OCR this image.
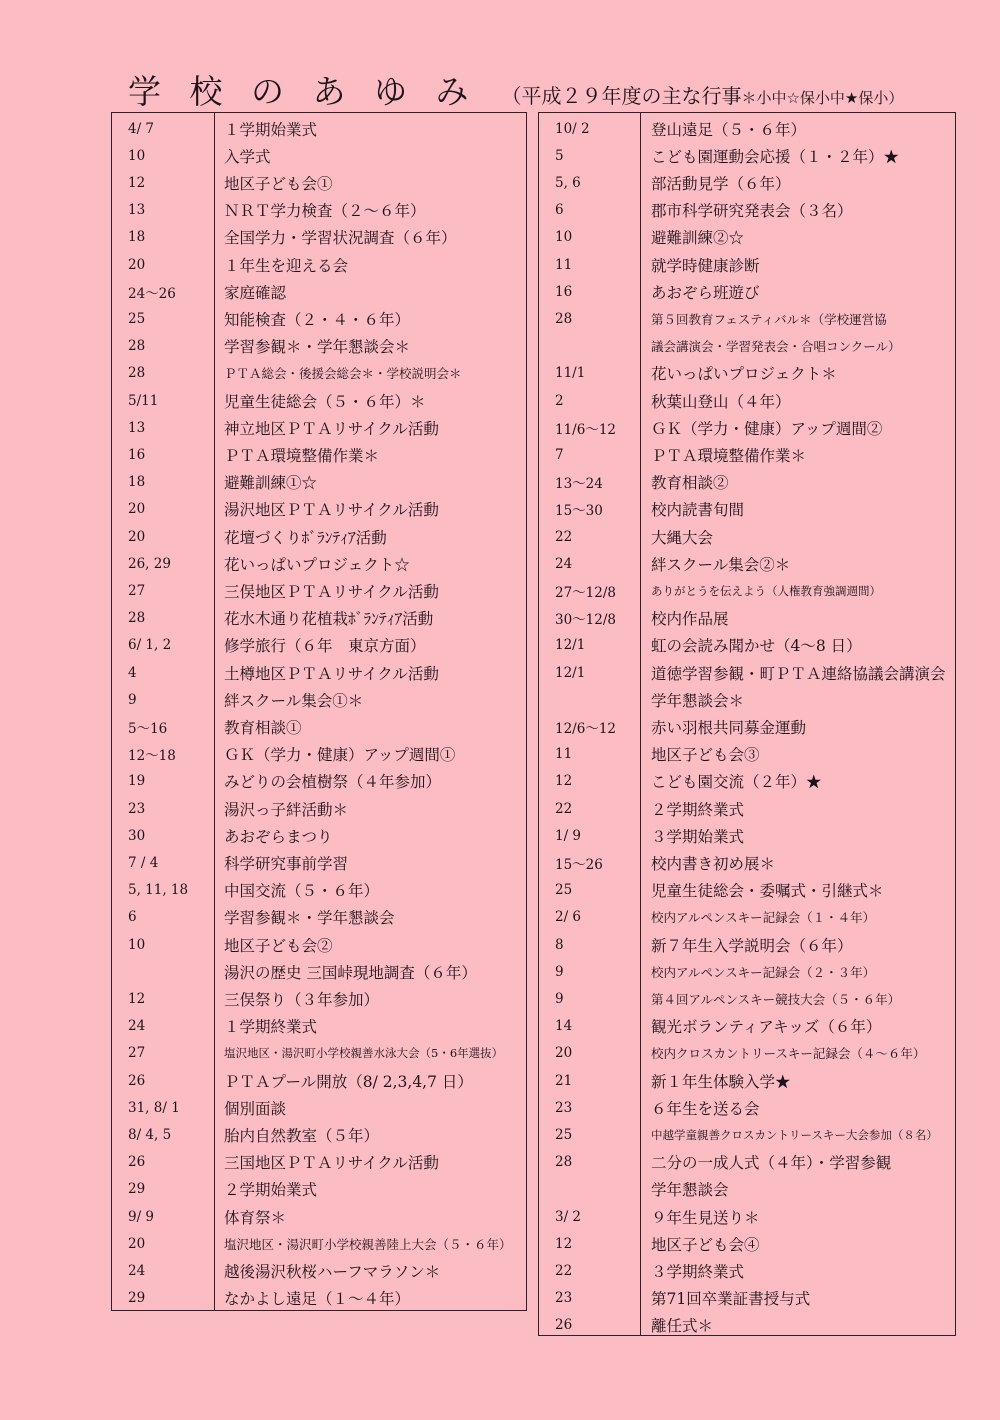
学 校 の あ ゆ み （平成２９年度の主な行事 ＊小中☆保小中★保小）
4/ 7	１学期始業式
10	入学式
12	地区子ども会①
13	ＮＲＴ学力検査（２～６年）
18	全国学力・学習状況調査（６年）
20	１年生を迎える会
24～26	家庭確認
25	知能検査（２・４・６年）
28	学習参観＊・学年懇談会＊
28	ＰＴＡ総会・後援会総会＊・学校説明会＊
5/11	児童生徒総会（５・６年）＊
13	神立地区ＰＴＡリサイクル活動
16	ＰＴＡ環境整備作業＊
18	避難訓練①☆
20	湯沢地区ＰＴＡリサイクル活動
20	花壇づくりﾎﾞﾗﾝﾃｨｱ活動
26, 29	花いっぱいプロジェクト☆
27	三俣地区ＰＴＡリサイクル活動
28	花水木通り花植栽ﾎﾞﾗﾝﾃｨｱ活動
6/ 1, 2	修学旅行（６年　東京方面）
4	土樽地区ＰＴＡリサイクル活動
9	絆スクール集会①＊
5～16	教育相談①
12～18	ＧＫ（学力・健康）アップ週間①
19	みどりの会植樹祭（４年参加）
23	湯沢っ子絆活動＊
30	あおぞらまつり
7 / 4	科学研究事前学習
5, 11, 18	中国交流（５・６年）
6	学習参観＊・学年懇談会
10	地区子ども会②
湯沢の歴史 三国峠現地調査（６年）
12	三俣祭り（３年参加）
24	１学期終業式
27	塩沢地区・湯沢町小学校親善水泳大会（5・6年選抜）
26	ＰＴＡプール開放（8/ 2,3,4,7 日）
31, 8/ 1	個別面談
8/ 4, 5	胎内自然教室（５年）
26	三国地区ＰＴＡリサイクル活動
29	２学期始業式
9/ 9	体育祭＊
20	塩沢地区・湯沢町小学校親善陸上大会（５・６年）
24	越後湯沢秋桜ハーフマラソン＊
29	なかよし遠足（１～４年）
10/ 2	登山遠足（５・６年）
5	こども園運動会応援（１・２年）★
5, 6	部活動見学（６年）
6	郡市科学研究発表会（３名）
10	避難訓練②☆
11	就学時健康診断
16	あおぞら班遊び
28	第５回教育フェスティバル＊（学校運営協
議会講演会・学習発表会・合唱コンクール）
11/1	花いっぱいプロジェクト＊
2	秋葉山登山（４年）
11/6～12	ＧＫ（学力・健康）アップ週間②
7	ＰＴＡ環境整備作業＊
13～24	教育相談②
15～30	校内読書旬間
22	大縄大会
24	絆スクール集会②＊
27～12/8	ありがとうを伝えよう（人権教育強調週間）
30～12/8	校内作品展
12/1	虹の会読み聞かせ（4～8 日）
12/1	道徳学習参観・町ＰＴＡ連絡協議会講演会
学年懇談会＊
12/6～12	赤い羽根共同募金運動
11	地区子ども会③
12	こども園交流（２年）★
22	２学期終業式
1/ 9	３学期始業式
15～26	校内書き初め展＊
25	児童生徒総会・委嘱式・引継式＊
2/ 6	校内アルペンスキー記録会（１・４年）
8	新７年生入学説明会（６年）
9	校内アルペンスキー記録会（２・３年）
9	第４回アルペンスキー競技大会（５・６年）
14	観光ボランティアキッズ（６年）
20	校内クロスカントリースキー記録会（４～６年）
21	新１年生体験入学★
23	６年生を送る会
25	中越学童親善クロスカントリースキー大会参加（８名）
28	二分の一成人式（４年）・学習参観
学年懇談会
3/ 2	９年生見送り＊
12	地区子ども会④
22	３学期終業式
23	第71回卒業証書授与式
26	離任式＊
